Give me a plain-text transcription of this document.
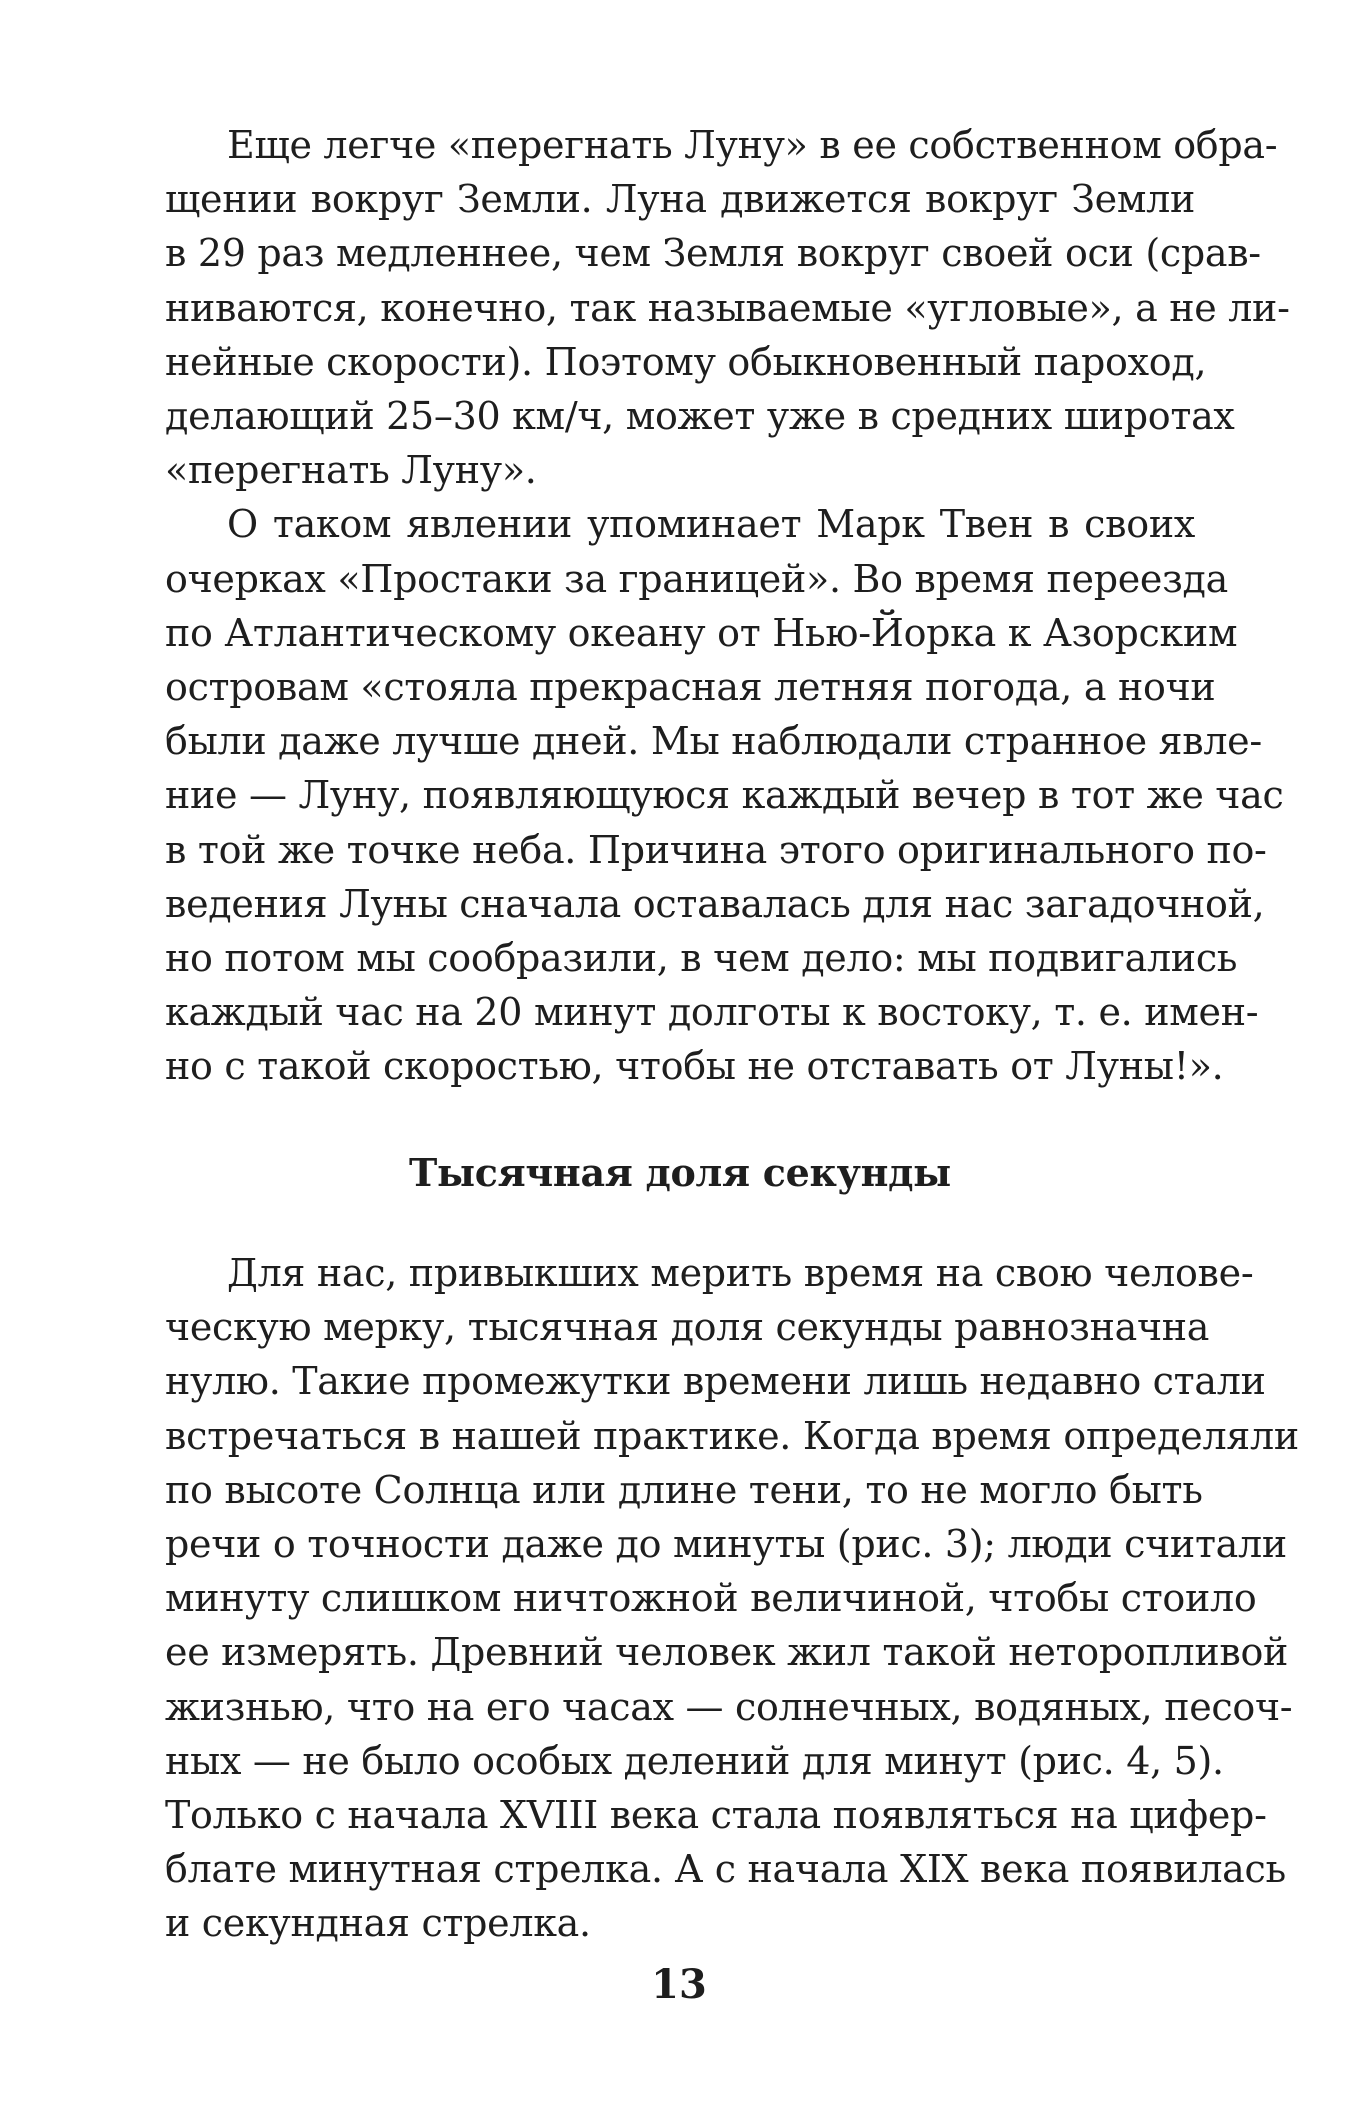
Еще легче «перегнать Луну» в ее собственном обра-
щении вокруг Земли. Луна движется вокруг Земли
в 29 раз медленнее, чем Земля вокруг своей оси (срав-
ниваются, конечно, так называемые «угловые», а не ли-
нейные скорости). Поэтому обыкновенный пароход,
делающий 25–30 км/ч, может уже в средних широтах
«перегнать Луну».
О таком явлении упоминает Марк Твен в своих
очерках «Простаки за границей». Во время переезда
по Атлантическому океану от Нью-Йорка к Азорским
островам «стояла прекрасная летняя погода, а ночи
были даже лучше дней. Мы наблюдали странное явле-
ние — Луну, появляющуюся каждый вечер в тот же час
в той же точке неба. Причина этого оригинального по-
ведения Луны сначала оставалась для нас загадочной,
но потом мы сообразили, в чем дело: мы подвигались
каждый час на 20 минут долготы к востоку, т. е. имен-
но с такой скоростью, чтобы не отставать от Луны!».
Тысячная доля секунды
Для нас, привыкших мерить время на свою челове-
ческую мерку, тысячная доля секунды равнозначна
нулю. Такие промежутки времени лишь недавно стали
встречаться в нашей практике. Когда время определяли
по высоте Солнца или длине тени, то не могло быть
речи о точности даже до минуты (рис. 3); люди считали
минуту слишком ничтожной величиной, чтобы стоило
ее измерять. Древний человек жил такой неторопливой
жизнью, что на его часах — солнечных, водяных, песоч-
ных — не было особых делений для минут (рис. 4, 5).
Только с начала XVIII века стала появляться на цифер-
блате минутная стрелка. А с начала XIX века появилась
и секундная стрелка.
13
